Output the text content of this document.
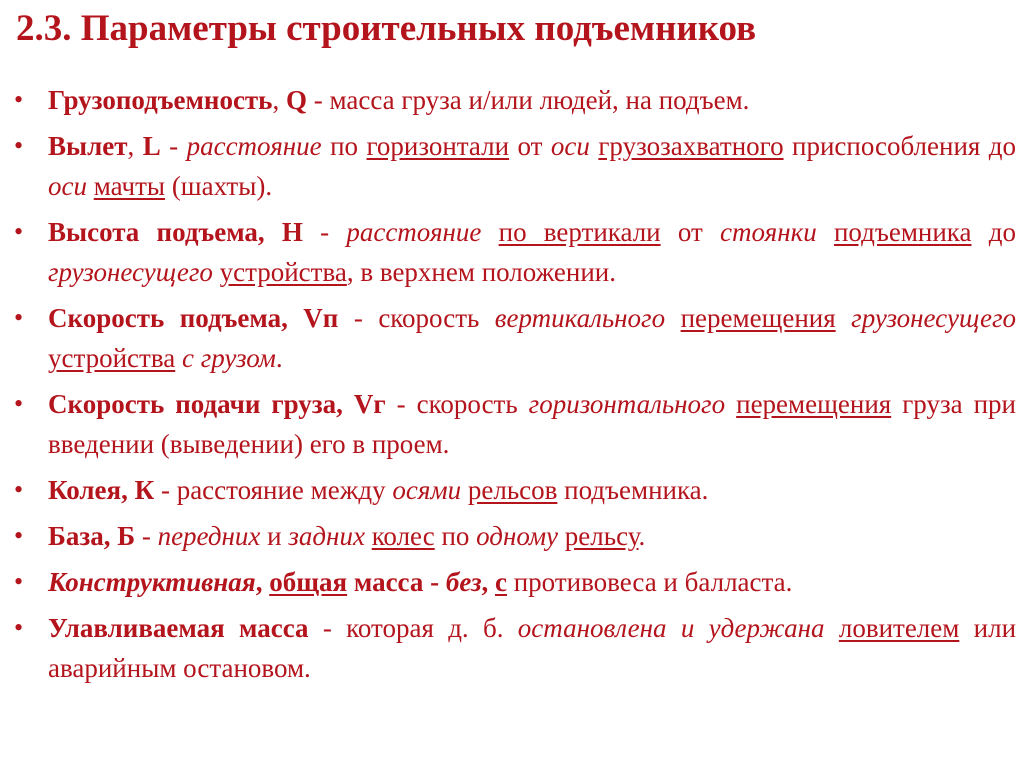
2.3. Параметры строительных подъемников
• Грузоподъемность, Q - масса груза и/или людей, на подъем.
• Вылет, L - расстояние по горизонтали от оси грузозахватного приспособления до оси мачты (шахты).
• Высота подъема, Н - расстояние по вертикали от стоянки подъемника до грузонесущего устройства, в верхнем положении.
• Скорость подъема, Vп - скорость вертикального перемещения грузонесущего устройства с грузом.
• Скорость подачи груза, Vг - скорость горизонтального перемещения груза при введении (выведении) его в проем.
• Колея, К - расстояние между осями рельсов подъемника.
• База, Б - передних и задних колес по одному рельсу.
• Конструктивная, общая масса - без, с противовеса и балласта.
• Улавливаемая масса - которая д. б. остановлена и удержана ловителем или аварийным остановом.
